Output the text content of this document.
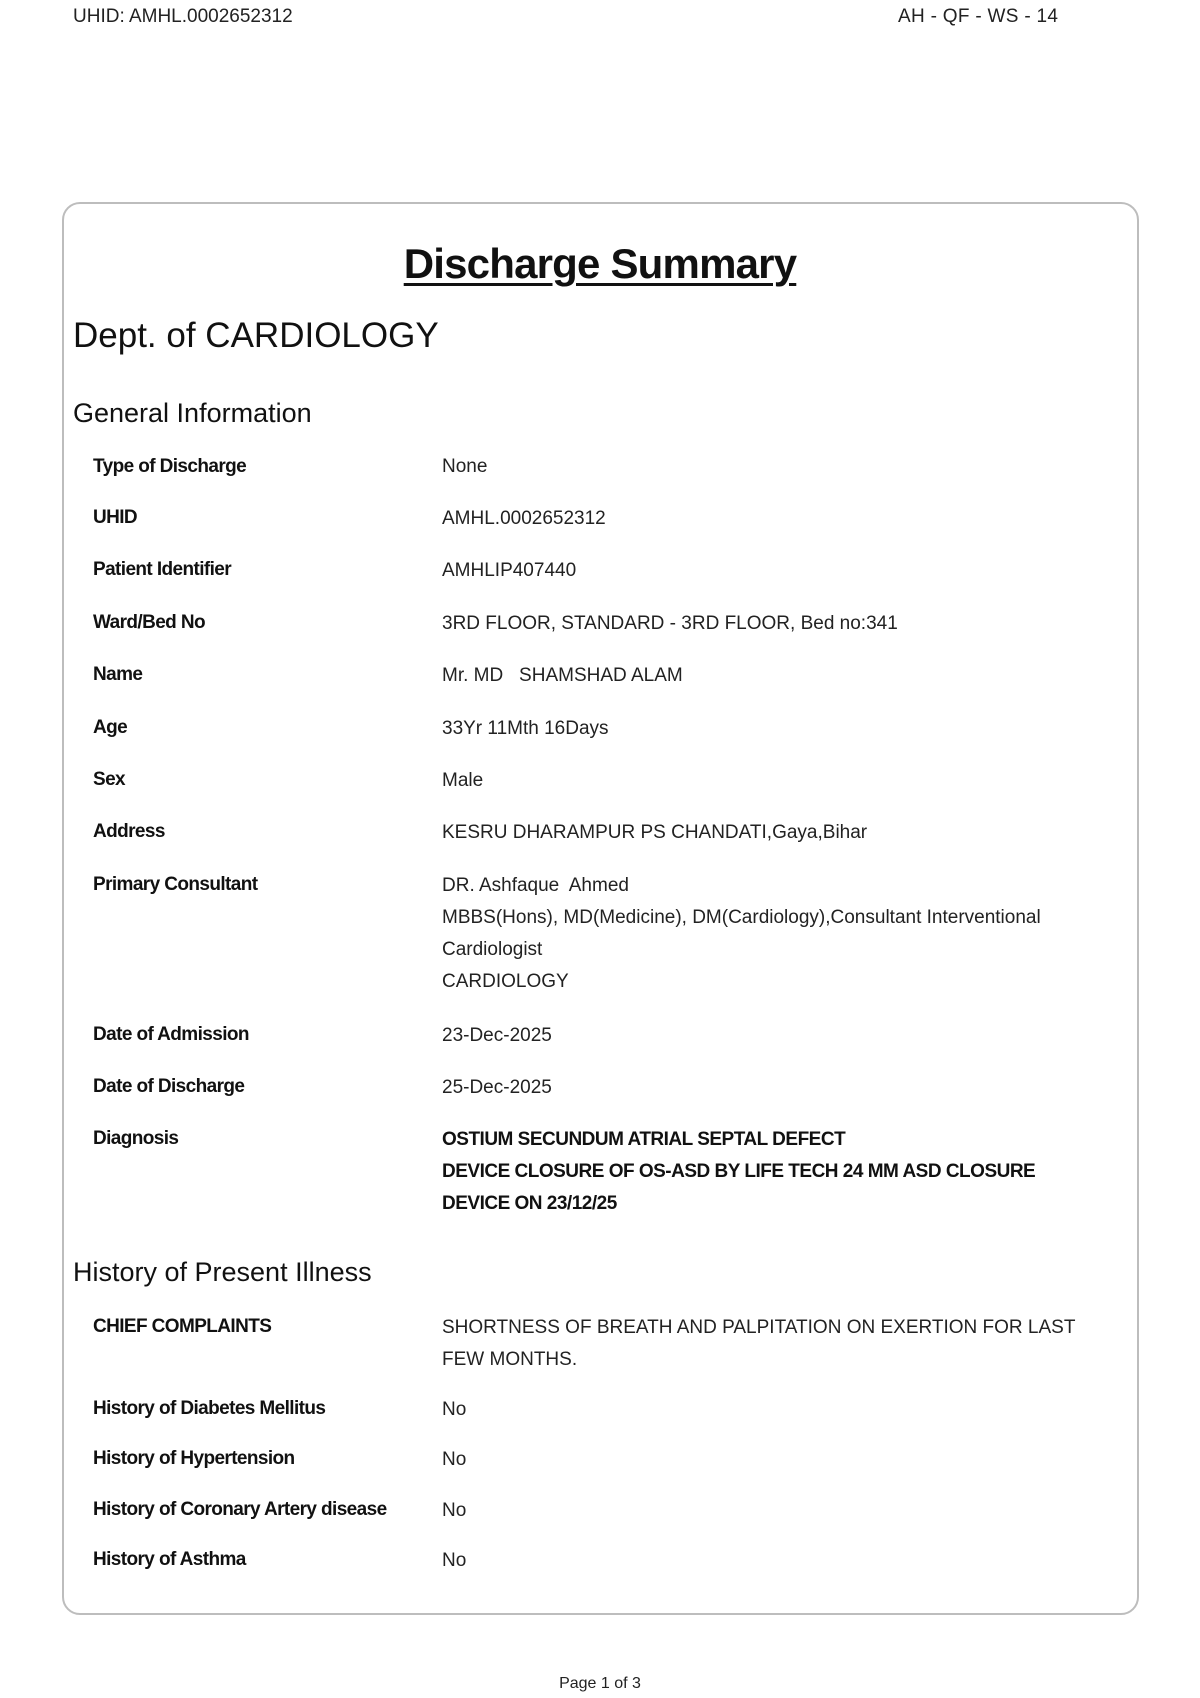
UHID: AMHL.0002652312	AH - QF - WS - 14
Discharge Summary
Dept. of CARDIOLOGY
General Information
Type of Discharge	None
UHID	AMHL.0002652312
Patient Identifier	AMHLIP407440
Ward/Bed No	3RD FLOOR, STANDARD - 3RD FLOOR, Bed no:341
Name	Mr. MD   SHAMSHAD ALAM
Age	33Yr 11Mth 16Days
Sex	Male
Address	KESRU DHARAMPUR PS CHANDATI,Gaya,Bihar
Primary Consultant	DR. Ashfaque  Ahmed
MBBS(Hons), MD(Medicine), DM(Cardiology),Consultant Interventional
Cardiologist
CARDIOLOGY
Date of Admission	23-Dec-2025
Date of Discharge	25-Dec-2025
Diagnosis	OSTIUM SECUNDUM ATRIAL SEPTAL DEFECT
DEVICE CLOSURE OF OS-ASD BY LIFE TECH 24 MM ASD CLOSURE
DEVICE ON 23/12/25
History of Present Illness
CHIEF COMPLAINTS	SHORTNESS OF BREATH AND PALPITATION ON EXERTION FOR LAST
FEW MONTHS.
History of Diabetes Mellitus	No
History of Hypertension	No
History of Coronary Artery disease	No
History of Asthma	No
Page 1 of 3
